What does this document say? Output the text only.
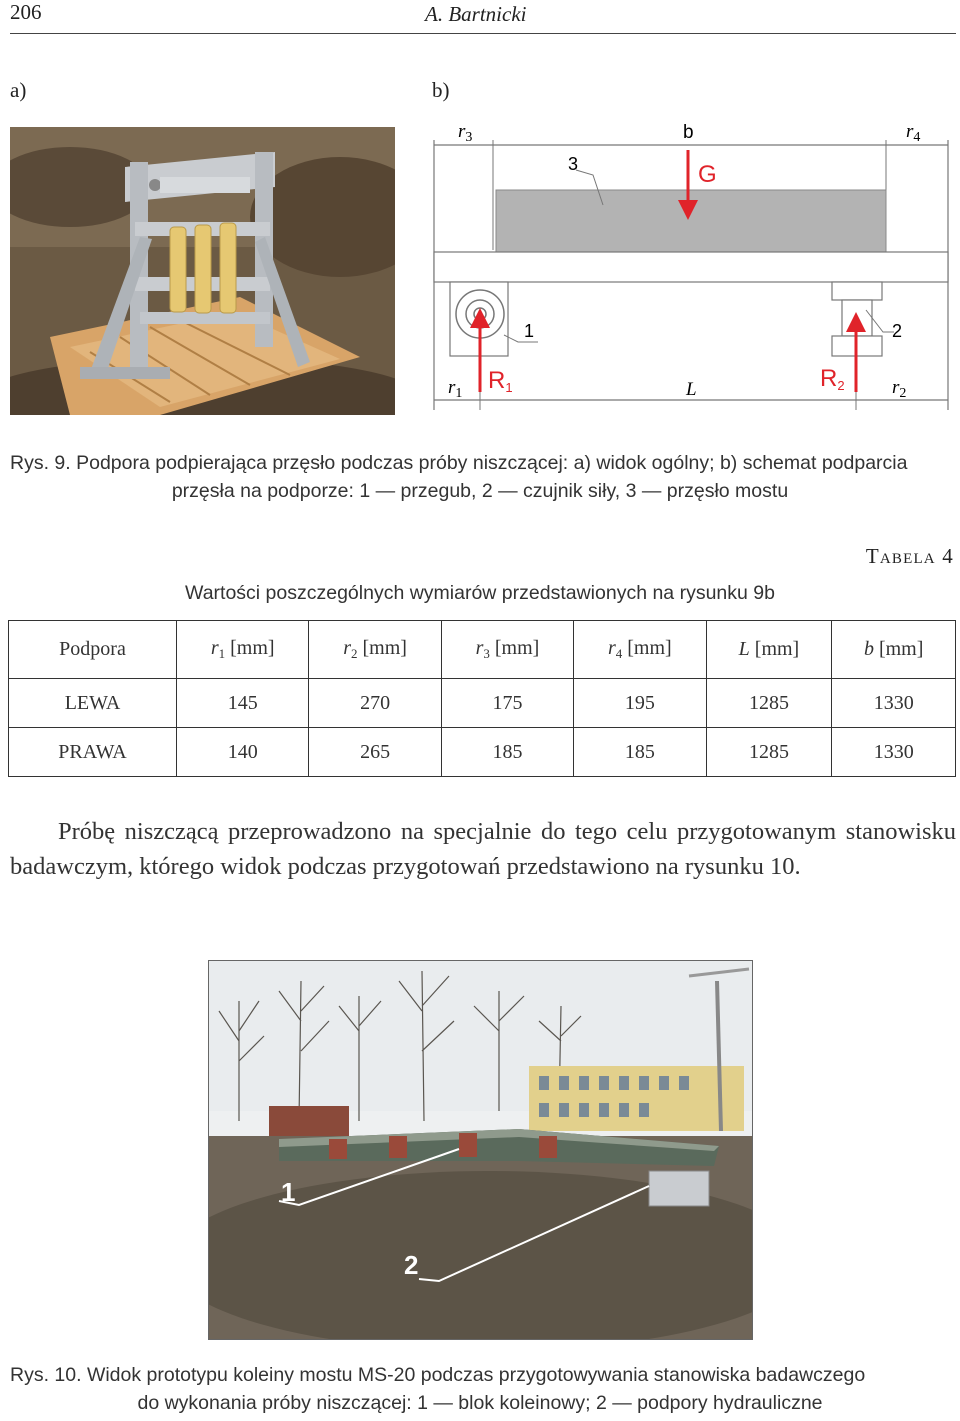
206	A. Bartnicki
a)	b)
$r_3$	b	$r_4$
3	G
1	2
$r_1$ R1	L	R2 $r_2$
Rys. 9. Podpora podpierająca przęsło podczas próby niszczącej: a) widok ogólny; b) schemat podparcia
przęsła na podporze: 1 — przegub, 2 — czujnik siły, 3 — przęsło mostu
Tabela 4
Wartości poszczególnych wymiarów przedstawionych na rysunku 9b
Podpora	$r_1$ [mm]	$r_2$ [mm]	$r_3$ [mm]	$r_4$ [mm]	L [mm]	b [mm]
LEWA	145	270	175	195	1285	1330
PRAWA	140	265	185	185	1285	1330
Próbę niszczącą przeprowadzono na specjalnie do tego celu przygotowanym stanowisku badawczym, którego widok podczas przygotowań przedstawiono na rysunku 10.
1
2
Rys. 10. Widok prototypu koleiny mostu MS-20 podczas przygotowywania stanowiska badawczego
do wykonania próby niszczącej: 1 — blok koleinowy; 2 — podpory hydrauliczne
